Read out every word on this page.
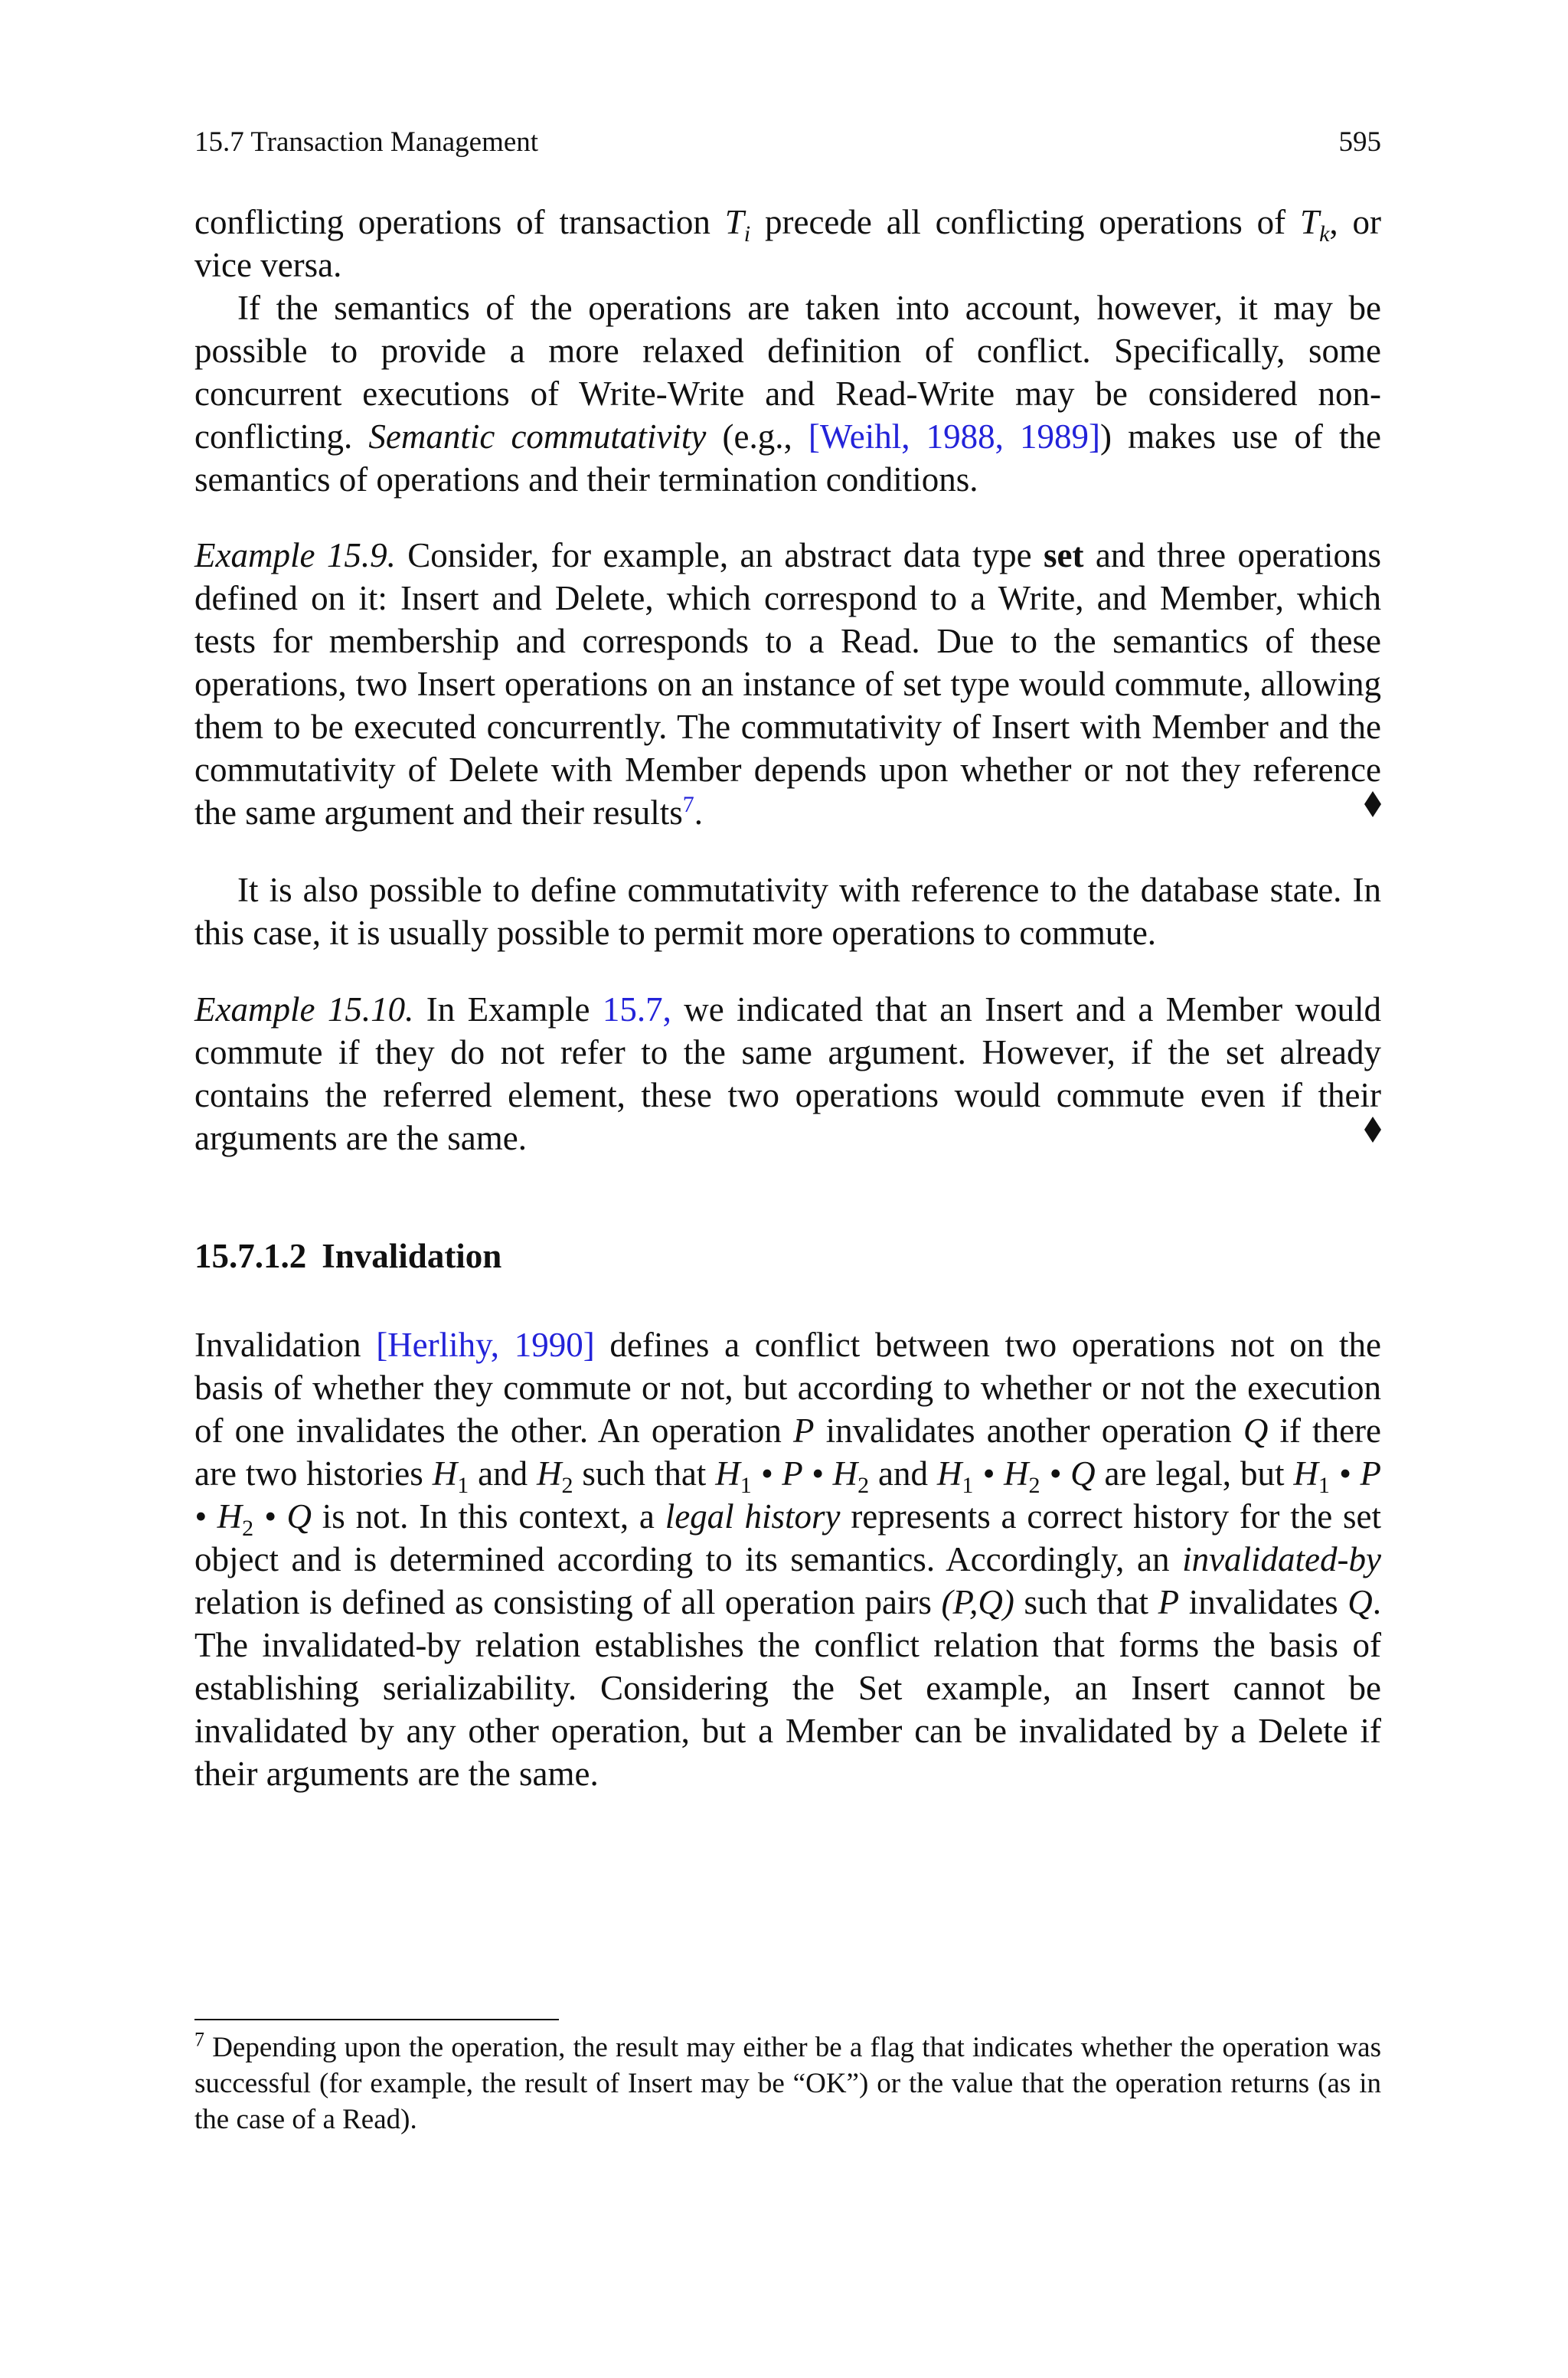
15.7 Transaction Management	595

conflicting operations of transaction $T_i$ precede all conflicting operations of $T_k$, or vice versa.

If the semantics of the operations are taken into account, however, it may be possible to provide a more relaxed definition of conflict. Specifically, some concurrent executions of Write-Write and Read-Write may be considered non-conflicting. Semantic commutativity (e.g., [Weihl, 1988, 1989]) makes use of the semantics of operations and their termination conditions.

Example 15.9. Consider, for example, an abstract data type set and three operations defined on it: Insert and Delete, which correspond to a Write, and Member, which tests for membership and corresponds to a Read. Due to the semantics of these operations, two Insert operations on an instance of set type would commute, allowing them to be executed concurrently. The commutativity of Insert with Member and the commutativity of Delete with Member depends upon whether or not they reference the same argument and their results$^7$.

It is also possible to define commutativity with reference to the database state. In this case, it is usually possible to permit more operations to commute.

Example 15.10. In Example 15.7, we indicated that an Insert and a Member would commute if they do not refer to the same argument. However, if the set already contains the referred element, these two operations would commute even if their arguments are the same.

15.7.1.2 Invalidation

Invalidation [Herlihy, 1990] defines a conflict between two operations not on the basis of whether they commute or not, but according to whether or not the execution of one invalidates the other. An operation P invalidates another operation Q if there are two histories $H_1$ and $H_2$ such that $H_1$ • P • $H_2$ and $H_1$ • $H_2$ • Q are legal, but $H_1$ • P • $H_2$ • Q is not. In this context, a legal history represents a correct history for the set object and is determined according to its semantics. Accordingly, an invalidated-by relation is defined as consisting of all operation pairs (P,Q) such that P invalidates Q. The invalidated-by relation establishes the conflict relation that forms the basis of establishing serializability. Considering the Set example, an Insert cannot be invalidated by any other operation, but a Member can be invalidated by a Delete if their arguments are the same.

$^7$ Depending upon the operation, the result may either be a flag that indicates whether the operation was successful (for example, the result of Insert may be “OK”) or the value that the operation returns (as in the case of a Read).
